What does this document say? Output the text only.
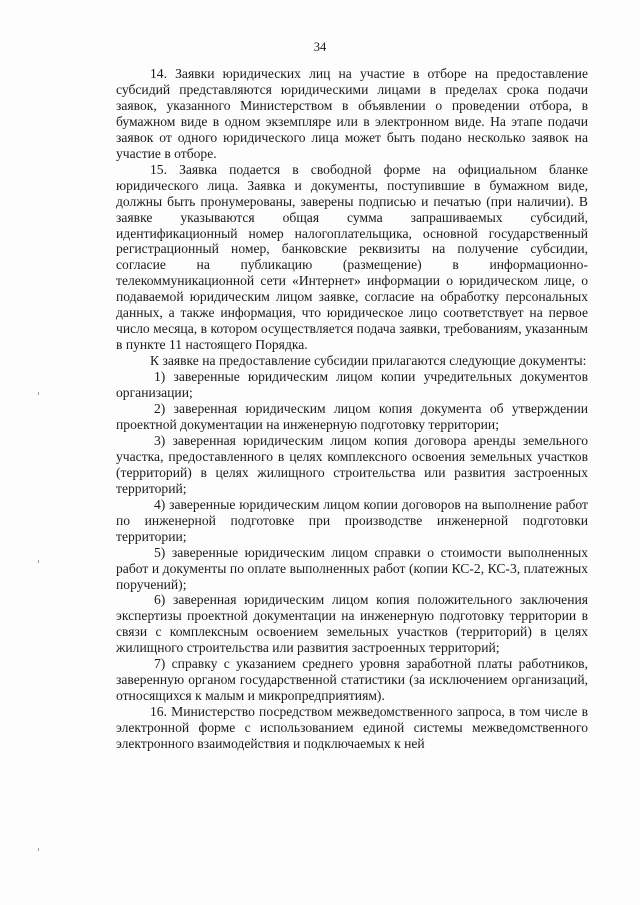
34

14. Заявки юридических лиц на участие в отборе на предоставление субсидий представляются юридическими лицами в пределах срока подачи заявок, указанного Министерством в объявлении о проведении отбора, в бумажном виде в одном экземпляре или в электронном виде. На этапе подачи заявок от одного юридического лица может быть подано несколько заявок на участие в отборе.

15. Заявка подается в свободной форме на официальном бланке юридического лица. Заявка и документы, поступившие в бумажном виде, должны быть пронумерованы, заверены подписью и печатью (при наличии). В заявке указываются общая сумма запрашиваемых субсидий, идентификационный номер налогоплательщика, основной государственный регистрационный номер, банковские реквизиты на получение субсидии, согласие на публикацию (размещение) в информационно-телекоммуникационной сети «Интернет» информации о юридическом лице, о подаваемой юридическим лицом заявке, согласие на обработку персональных данных, а также информация, что юридическое лицо соответствует на первое число месяца, в котором осуществляется подача заявки, требованиям, указанным в пункте 11 настоящего Порядка.

К заявке на предоставление субсидии прилагаются следующие документы:

1) заверенные юридическим лицом копии учредительных документов организации;

2) заверенная юридическим лицом копия документа об утверждении проектной документации на инженерную подготовку территории;

3) заверенная юридическим лицом копия договора аренды земельного участка, предоставленного в целях комплексного освоения земельных участков (территорий) в целях жилищного строительства или развития застроенных территорий;

4) заверенные юридическим лицом копии договоров на выполнение работ по инженерной подготовке при производстве инженерной подготовки территории;

5) заверенные юридическим лицом справки о стоимости выполненных работ и документы по оплате выполненных работ (копии КС-2, КС-3, платежных поручений);

6) заверенная юридическим лицом копия положительного заключения экспертизы проектной документации на инженерную подготовку территории в связи с комплексным освоением земельных участков (территорий) в целях жилищного строительства или развития застроенных территорий;

7) справку с указанием среднего уровня заработной платы работников, заверенную органом государственной статистики (за исключением организаций, относящихся к малым и микропредприятиям).

16. Министерство посредством межведомственного запроса, в том числе в электронной форме с использованием единой системы межведомственного электронного взаимодействия и подключаемых к ней
